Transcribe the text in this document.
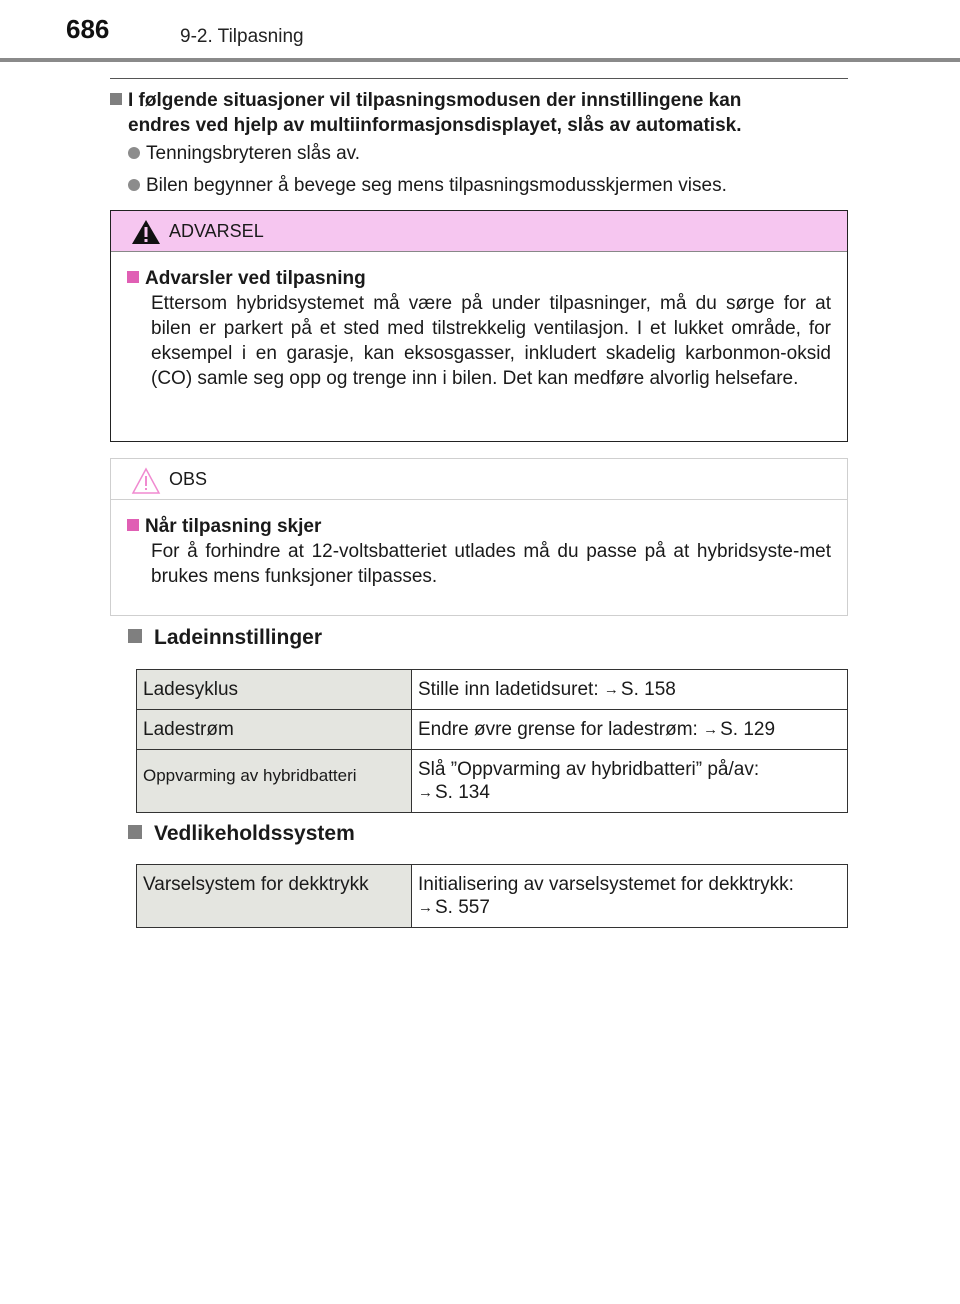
686	9-2. Tilpasning
I følgende situasjoner vil tilpasningsmodusen der innstillingene kan
endres ved hjelp av multiinformasjonsdisplayet, slås av automatisk.
Tenningsbryteren slås av.
Bilen begynner å bevege seg mens tilpasningsmodusskjermen vises.
ADVARSEL
Advarsler ved tilpasning
Ettersom hybridsystemet må være på under tilpasninger, må du sørge for at bilen er parkert på et sted med tilstrekkelig ventilasjon. I et lukket område, for eksempel i en garasje, kan eksosgasser, inkludert skadelig karbonmon-oksid (CO) samle seg opp og trenge inn i bilen. Det kan medføre alvorlig helsefare.
OBS
Når tilpasning skjer
For å forhindre at 12-voltsbatteriet utlades må du passe på at hybridsyste-met brukes mens funksjoner tilpasses.
Ladeinnstillinger
Ladesyklus	Stille inn ladetidsuret: → S. 158
Ladestrøm	Endre øvre grense for ladestrøm: → S. 129
Oppvarming av hybridbatteri	Slå ”Oppvarming av hybridbatteri” på/av:
→ S. 134
Vedlikeholdssystem
Varselsystem for dekktrykk	Initialisering av varselsystemet for dekktrykk:
→ S. 557
